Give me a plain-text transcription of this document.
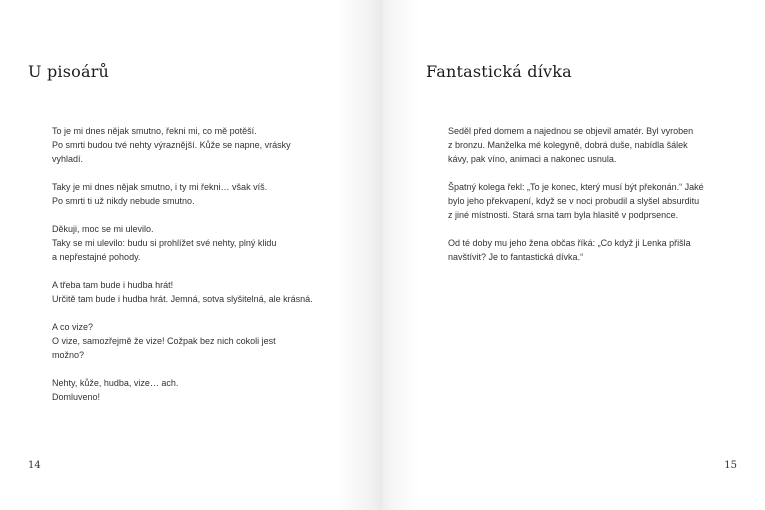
U pisoárů

To je mi dnes nějak smutno, řekni mi, co mě potěší.
Po smrti budou tvé nehty výraznější. Kůže se napne, vrásky
vyhladí.

Taky je mi dnes nějak smutno, i ty mi řekni… však víš.
Po smrti ti už nikdy nebude smutno.

Děkuji, moc se mi ulevilo.
Taky se mi ulevilo: budu si prohlížet své nehty, plný klidu
a nepřestajné pohody.

A třeba tam bude i hudba hrát!
Určitě tam bude i hudba hrát. Jemná, sotva slyšitelná, ale krásná.

A co vize?
O vize, samozřejmě že vize! Cožpak bez nich cokoli jest
možno?

Nehty, kůže, hudba, vize… ach.
Domluveno!

14
Fantastická dívka

Seděl před domem a najednou se objevil amatér. Byl vyroben
z bronzu. Manželka mé kolegyně, dobrá duše, nabídla šálek
kávy, pak víno, animaci a nakonec usnula.

Špatný kolega řekl: „To je konec, který musí být překonán.“ Jaké
bylo jeho překvapení, když se v noci probudil a slyšel absurditu
z jiné místnosti. Stará srna tam byla hlasitě v podprsence.

Od té doby mu jeho žena občas říká: „Co když ji Lenka přišla
navštívit? Je to fantastická dívka.“

15
